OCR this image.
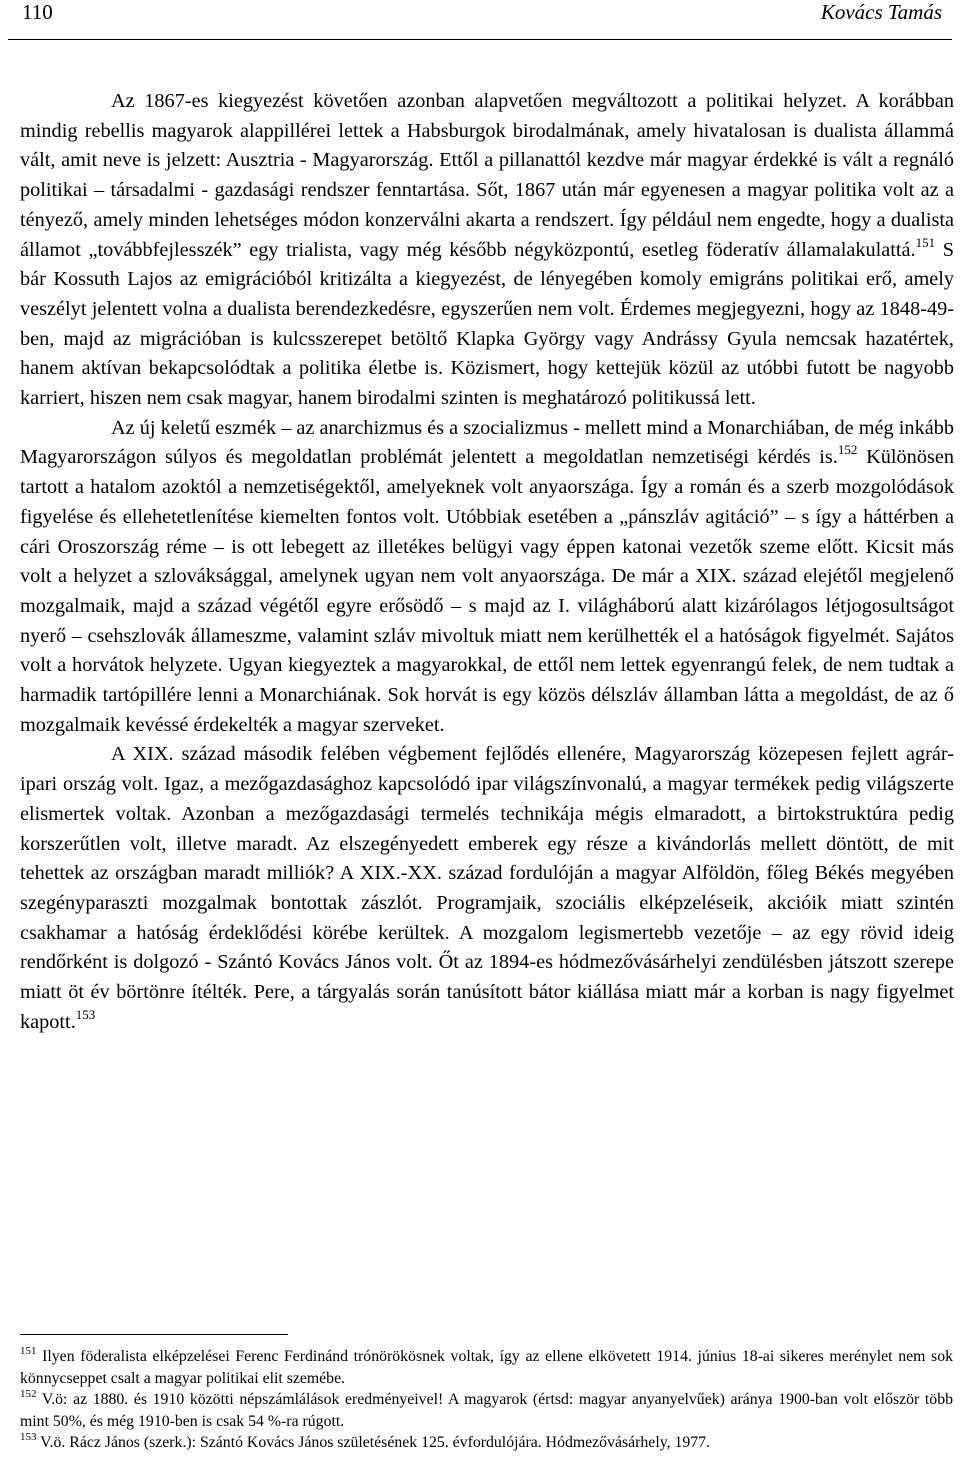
110	Kovács Tamás

Az 1867-es kiegyezést követően azonban alapvetően megváltozott a politikai helyzet. A korábban mindig rebellis magyarok alappillérei lettek a Habsburgok birodalmának, amely hivatalosan is dualista állammá vált, amit neve is jelzett: Ausztria - Magyarország. Ettől a pillanattól kezdve már magyar érdekké is vált a regnáló politikai – társadalmi - gazdasági rendszer fenntartása. Sőt, 1867 után már egyenesen a magyar politika volt az a tényező, amely minden lehetséges módon konzerválni akarta a rendszert. Így például nem engedte, hogy a dualista államot „továbbfejlesszék” egy trialista, vagy még később négyközpontú, esetleg föderatív államalakulattá.$^{151}$ S bár Kossuth Lajos az emigrációból kritizálta a kiegyezést, de lényegében komoly emigráns politikai erő, amely veszélyt jelentett volna a dualista berendezkedésre, egyszerűen nem volt. Érdemes megjegyezni, hogy az 1848-49-ben, majd az migrációban is kulcsszerepet betöltő Klapka György vagy Andrássy Gyula nemcsak hazatértek, hanem aktívan bekapcsolódtak a politika életbe is. Közismert, hogy kettejük közül az utóbbi futott be nagyobb karriert, hiszen nem csak magyar, hanem birodalmi szinten is meghatározó politikussá lett.

Az új keletű eszmék – az anarchizmus és a szocializmus - mellett mind a Monarchiában, de még inkább Magyarországon súlyos és megoldatlan problémát jelentett a megoldatlan nemzetiségi kérdés is.$^{152}$ Különösen tartott a hatalom azoktól a nemzetiségektől, amelyeknek volt anyaországa. Így a román és a szerb mozgolódások figyelése és ellehetetlenítése kiemelten fontos volt. Utóbbiak esetében a „pánszláv agitáció” – s így a háttérben a cári Oroszország réme – is ott lebegett az illetékes belügyi vagy éppen katonai vezetők szeme előtt. Kicsit más volt a helyzet a szlováksággal, amelynek ugyan nem volt anyaországa. De már a XIX. század elejétől megjelenő mozgalmaik, majd a század végétől egyre erősödő – s majd az I. világháború alatt kizárólagos létjogosultságot nyerő – csehszlovák állameszme, valamint szláv mivoltuk miatt nem kerülhették el a hatóságok figyelmét. Sajátos volt a horvátok helyzete. Ugyan kiegyeztek a magyarokkal, de ettől nem lettek egyenrangú felek, de nem tudtak a harmadik tartópillére lenni a Monarchiának. Sok horvát is egy közös délszláv államban látta a megoldást, de az ő mozgalmaik kevéssé érdekelték a magyar szerveket.

A XIX. század második felében végbement fejlődés ellenére, Magyarország közepesen fejlett agrár-ipari ország volt. Igaz, a mezőgazdasághoz kapcsolódó ipar világszínvonalú, a magyar termékek pedig világszerte elismertek voltak. Azonban a mezőgazdasági termelés technikája mégis elmaradott, a birtokstruktúra pedig korszerűtlen volt, illetve maradt. Az elszegényedett emberek egy része a kivándorlás mellett döntött, de mit tehettek az országban maradt milliók? A XIX.-XX. század fordulóján a magyar Alföldön, főleg Békés megyében szegényparaszti mozgalmak bontottak zászlót. Programjaik, szociális elképzeléseik, akcióik miatt szintén csakhamar a hatóság érdeklődési körébe kerültek. A mozgalom legismertebb vezetője – az egy rövid ideig rendőrként is dolgozó - Szántó Kovács János volt. Őt az 1894-es hódmezővásárhelyi zendülésben játszott szerepe miatt öt év börtönre ítélték. Pere, a tárgyalás során tanúsított bátor kiállása miatt már a korban is nagy figyelmet kapott.$^{153}$

$^{151}$ Ilyen föderalista elképzelései Ferenc Ferdinánd trónörökösnek voltak, így az ellene elkövetett 1914. június 18-ai sikeres merénylet nem sok könnycseppet csalt a magyar politikai elit szemébe.

$^{152}$ V.ö: az 1880. és 1910 közötti népszámlálások eredményeivel! A magyarok (értsd: magyar anyanyelvűek) aránya 1900-ban volt először több mint 50%, és még 1910-ben is csak 54 %-ra rúgott.

$^{153}$ V.ö. Rácz János (szerk.): Szántó Kovács János születésének 125. évfordulójára. Hódmezővásárhely, 1977.
